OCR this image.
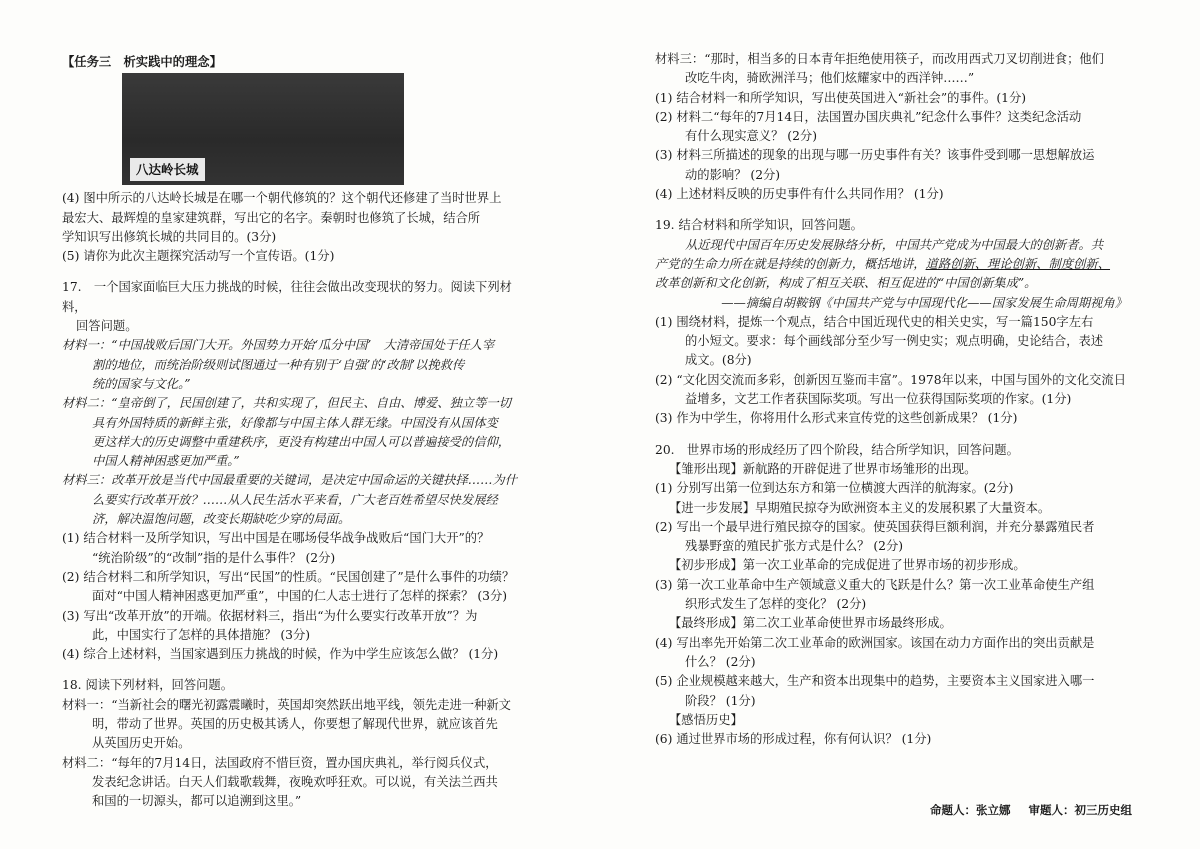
【任务三　析实践中的理念】

八达岭长城

(4) 图中所示的八达岭长城是在哪一个朝代修筑的？这个朝代还修建了当时世界上

最宏大、最辉煌的皇家建筑群，写出它的名字。秦朝时也修筑了长城，结合所

学知识写出修筑长城的共同目的。(3分)

(5) 请你为此次主题探究活动写一个宣传语。(1分)

17.　一个国家面临巨大压力挑战的时候，往往会做出改变现状的努力。阅读下列材料，

回答问题。

材料一：“中国战败后国门大开。外国势力开始‘瓜分中国’　大清帝国处于任人宰

割的地位，而统治阶级则试图通过一种有别于‘自强’的‘改制’以挽救传

统的国家与文化。”

材料二：“皇帝倒了，民国创建了，共和实现了，但民主、自由、博爱、独立等一切

具有外国特质的新鲜主张，好像都与中国主体人群无缘。中国没有从国体变

更这样大的历史调整中重建秩序，更没有构建出中国人可以普遍接受的信仰，

中国人精神困惑更加严重。”

材料三：改革开放是当代中国最重要的关键词，是决定中国命运的关键抉择……为什

么要实行改革开放？……从人民生活水平来看，广大老百姓希望尽快发展经

济，解决温饱问题，改变长期缺吃少穿的局面。

(1) 结合材料一及所学知识，写出中国是在哪场侵华战争战败后“国门大开”的？

“统治阶级”的“改制”指的是什么事件？ (2分)

(2) 结合材料二和所学知识，写出“民国”的性质。“民国创建了”是什么事件的功绩？

面对“中国人精神困惑更加严重”，中国的仁人志士进行了怎样的探索？ (3分)

(3) 写出“改革开放”的开端。依据材料三，指出“为什么要实行改革开放”？为

此，中国实行了怎样的具体措施？ (3分)

(4) 综合上述材料，当国家遇到压力挑战的时候，作为中学生应该怎么做？ (1分)

18. 阅读下列材料，回答问题。

材料一：“当新社会的曙光初露震曦时，英国却突然跃出地平线，领先走进一种新文

明，带动了世界。英国的历史极其诱人，你要想了解现代世界，就应该首先

从英国历史开始。

材料二：“每年的7月14日，法国政府不惜巨资，置办国庆典礼，举行阅兵仪式，

发表纪念讲话。白天人们载歌载舞，夜晚欢呼狂欢。可以说，有关法兰西共

和国的一切源头，都可以追溯到这里。”

材料三：“那时，相当多的日本青年拒绝使用筷子，而改用西式刀叉切削进食；他们

改吃牛肉，骑欧洲洋马；他们炫耀家中的西洋钟……”

(1) 结合材料一和所学知识，写出使英国进入“新社会”的事件。(1分)

(2) 材料二“每年的7月14日，法国置办国庆典礼”纪念什么事件？这类纪念活动

有什么现实意义？ (2分)

(3) 材料三所描述的现象的出现与哪一历史事件有关？该事件受到哪一思想解放运

动的影响？ (2分)

(4) 上述材料反映的历史事件有什么共同作用？ (1分)

19. 结合材料和所学知识，回答问题。

从近现代中国百年历史发展脉络分析，中国共产党成为中国最大的创新者。共

产党的生命力所在就是持续的创新力，概括地讲，道路创新、理论创新、制度创新、

改革创新和文化创新，构成了相互关联、相互促进的“中国创新集成”。

——摘编自胡鞍钢《中国共产党与中国现代化——国家发展生命周期视角》

(1) 围绕材料，提炼一个观点，结合中国近现代史的相关史实，写一篇150字左右

的小短文。要求：每个画线部分至少写一例史实；观点明确，史论结合，表述

成文。(8分)

(2) “文化因交流而多彩，创新因互鉴而丰富”。1978年以来，中国与国外的文化交流日

益增多，文艺工作者获国际奖项。写出一位获得国际奖项的作家。(1分)

(3) 作为中学生，你将用什么形式来宣传党的这些创新成果？ (1分)

20.　世界市场的形成经历了四个阶段，结合所学知识，回答问题。

【雏形出现】新航路的开辟促进了世界市场雏形的出现。

(1) 分别写出第一位到达东方和第一位横渡大西洋的航海家。(2分)

【进一步发展】早期殖民掠夺为欧洲资本主义的发展积累了大量资本。

(2) 写出一个最早进行殖民掠夺的国家。使英国获得巨额利润，并充分暴露殖民者

残暴野蛮的殖民扩张方式是什么？ (2分)

【初步形成】第一次工业革命的完成促进了世界市场的初步形成。

(3) 第一次工业革命中生产领域意义重大的飞跃是什么？第一次工业革命使生产组

织形式发生了怎样的变化？ (2分)

【最终形成】第二次工业革命使世界市场最终形成。

(4) 写出率先开始第二次工业革命的欧洲国家。该国在动力方面作出的突出贡献是

什么？ (2分)

(5) 企业规模越来越大，生产和资本出现集中的趋势，主要资本主义国家进入哪一

阶段？ (1分)

【感悟历史】

(6) 通过世界市场的形成过程，你有何认识？ (1分)

命题人：张立娜 审题人：初三历史组
